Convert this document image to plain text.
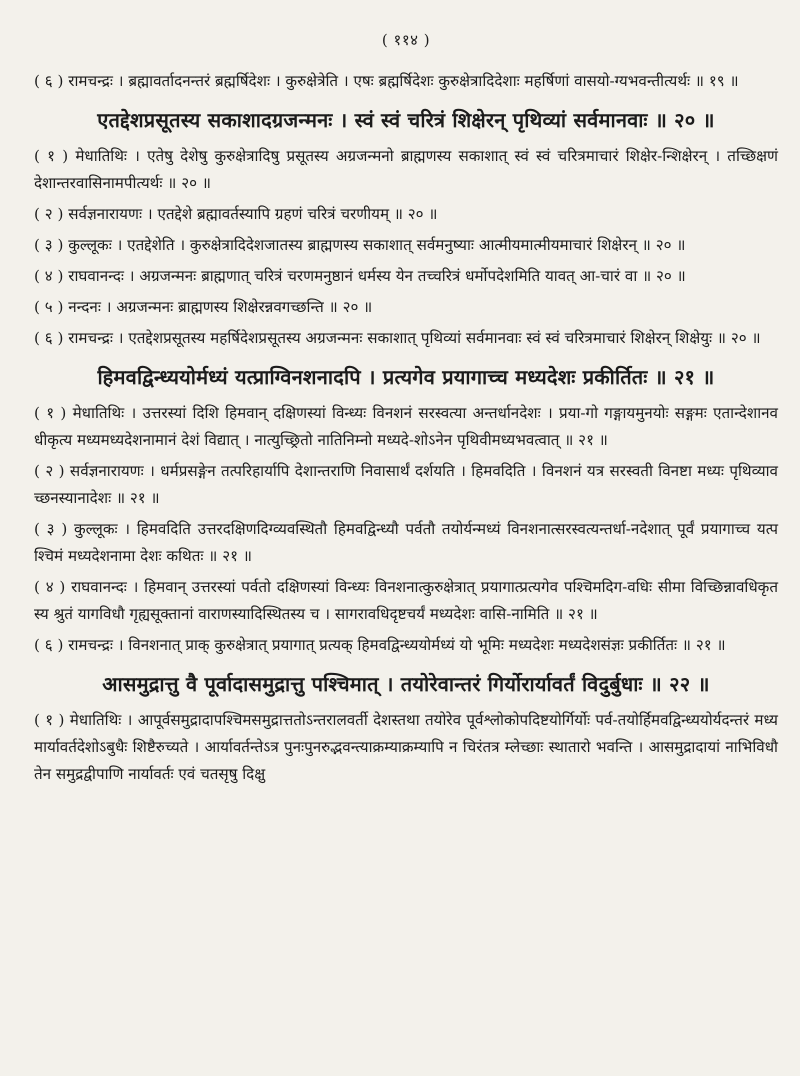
( ११४ )

( ६ ) रामचन्द्रः । ब्रह्मावर्तादनन्तरं ब्रह्मर्षिदेशः । कुरुक्षेत्रेति । एषः ब्रह्मर्षिदेशः कुरुक्षेत्रादिदेशाः महर्षिणां वासयो-ग्यभवन्तीत्यर्थः ॥ १९ ॥

एतद्देशप्रसूतस्य सकाशादग्रजन्मनः । स्वं स्वं चरित्रं शिक्षेरन् पृथिव्यां सर्वमानवाः ॥ २० ॥

( १ ) मेधातिथिः । एतेषु देशेषु कुरुक्षेत्रादिषु प्रसूतस्य अग्रजन्मनो ब्राह्मणस्य सकाशात् स्वं स्वं चरित्रमाचारं शिक्षेर-न्शिक्षेरन् । तच्छिक्षणं देशान्तरवासिनामपीत्यर्थः ॥ २० ॥

( २ ) सर्वज्ञनारायणः । एतद्देशे ब्रह्मावर्तस्यापि ग्रहणं चरित्रं चरणीयम् ॥ २० ॥

( ३ ) कुल्लूकः । एतद्देशेति । कुरुक्षेत्रादिदेशजातस्य ब्राह्मणस्य सकाशात् सर्वमनुष्याः आत्मीयमात्मीयमाचारं शिक्षेरन् ॥ २० ॥

( ४ ) राघवानन्दः । अग्रजन्मनः ब्राह्मणात् चरित्रं चरणमनुष्ठानं धर्मस्य येन तच्चरित्रं धर्मोपदेशमिति यावत् आ-चारं वा ॥ २० ॥

( ५ ) नन्दनः । अग्रजन्मनः ब्राह्मणस्य शिक्षेरन्नवगच्छन्ति ॥ २० ॥

( ६ ) रामचन्द्रः । एतद्देशप्रसूतस्य महर्षिदेशप्रसूतस्य अग्रजन्मनः सकाशात् पृथिव्यां सर्वमानवाः स्वं स्वं चरित्रमाचारं शिक्षेरन् शिक्षेयुः ॥ २० ॥

हिमवद्विन्ध्ययोर्मध्यं यत्प्राग्विनशनादपि । प्रत्यगेव प्रयागाच्च मध्यदेशः प्रकीर्तितः ॥ २१ ॥

( १ ) मेधातिथिः । उत्तरस्यां दिशि हिमवान् दक्षिणस्यां विन्ध्यः विनशनं सरस्वत्या अन्तर्धानदेशः । प्रया-गो गङ्गायमुनयोः सङ्गमः एतान्देशानवधीकृत्य मध्यमध्यदेशनामानं देशं विद्यात् । नात्युच्छ्रितो नातिनिम्नो मध्यदे-शोऽनेन पृथिवीमध्यभवत्वात् ॥ २१ ॥

( २ ) सर्वज्ञनारायणः । धर्मप्रसङ्गेन तत्परिहार्यापि देशान्तराणि निवासार्थं दर्शयति । हिमवदिति । विनशनं यत्र सरस्वती विनष्टा मध्यः पृथिव्यावच्छनस्यानादेशः ॥ २१ ॥

( ३ ) कुल्लूकः । हिमवदिति उत्तरदक्षिणदिग्व्यवस्थितौ हिमवद्विन्ध्यौ पर्वतौ तयोर्यन्मध्यं विनशनात्सरस्वत्यन्तर्धा-नदेशात् पूर्वं प्रयागाच्च यत्पश्चिमं मध्यदेशनामा देशः कथितः ॥ २१ ॥

( ४ ) राघवानन्दः । हिमवान् उत्तरस्यां पर्वतो दक्षिणस्यां विन्ध्यः विनशनात्कुरुक्षेत्रात् प्रयागात्प्रत्यगेव पश्चिमदिग-वधिः सीमा विच्छिन्नावधिकृतस्य श्रुतं यागविधौ गृह्यसूक्तानां वाराणस्यादिस्थितस्य च । सागरावधिदृष्टचर्यं मध्यदेशः वासि-नामिति ॥ २१ ॥

( ६ ) रामचन्द्रः । विनशनात् प्राक् कुरुक्षेत्रात् प्रयागात् प्रत्यक् हिमवद्विन्ध्ययोर्मध्यं यो भूमिः मध्यदेशः मध्यदेशसंज्ञः प्रकीर्तितः ॥ २१ ॥

आसमुद्रात्तु वै पूर्वादासमुद्रात्तु पश्चिमात् । तयोरेवान्तरं गिर्योरार्यावर्तं विदुर्बुधाः ॥ २२ ॥

( १ ) मेधातिथिः । आपूर्वसमुद्रादापश्चिमसमुद्रात्ततोऽन्तरालवर्ती देशस्तथा तयोरेव पूर्वश्लोकोपदिष्टयोर्गिर्योः पर्व-तयोर्हिमवद्विन्ध्ययोर्यदन्तरं मध्यमार्यावर्तदेशोऽबुधैः शिष्टैरुच्यते । आर्यावर्तन्तेऽत्र पुनःपुनरुद्भवन्त्याक्रम्याक्रम्यापि न चिरंतत्र म्लेच्छाः स्थातारो भवन्ति । आसमुद्रादायां नाभिविधौ तेन समुद्रद्वीपाणि नार्यावर्तः एवं चतसृषु दिक्षु
